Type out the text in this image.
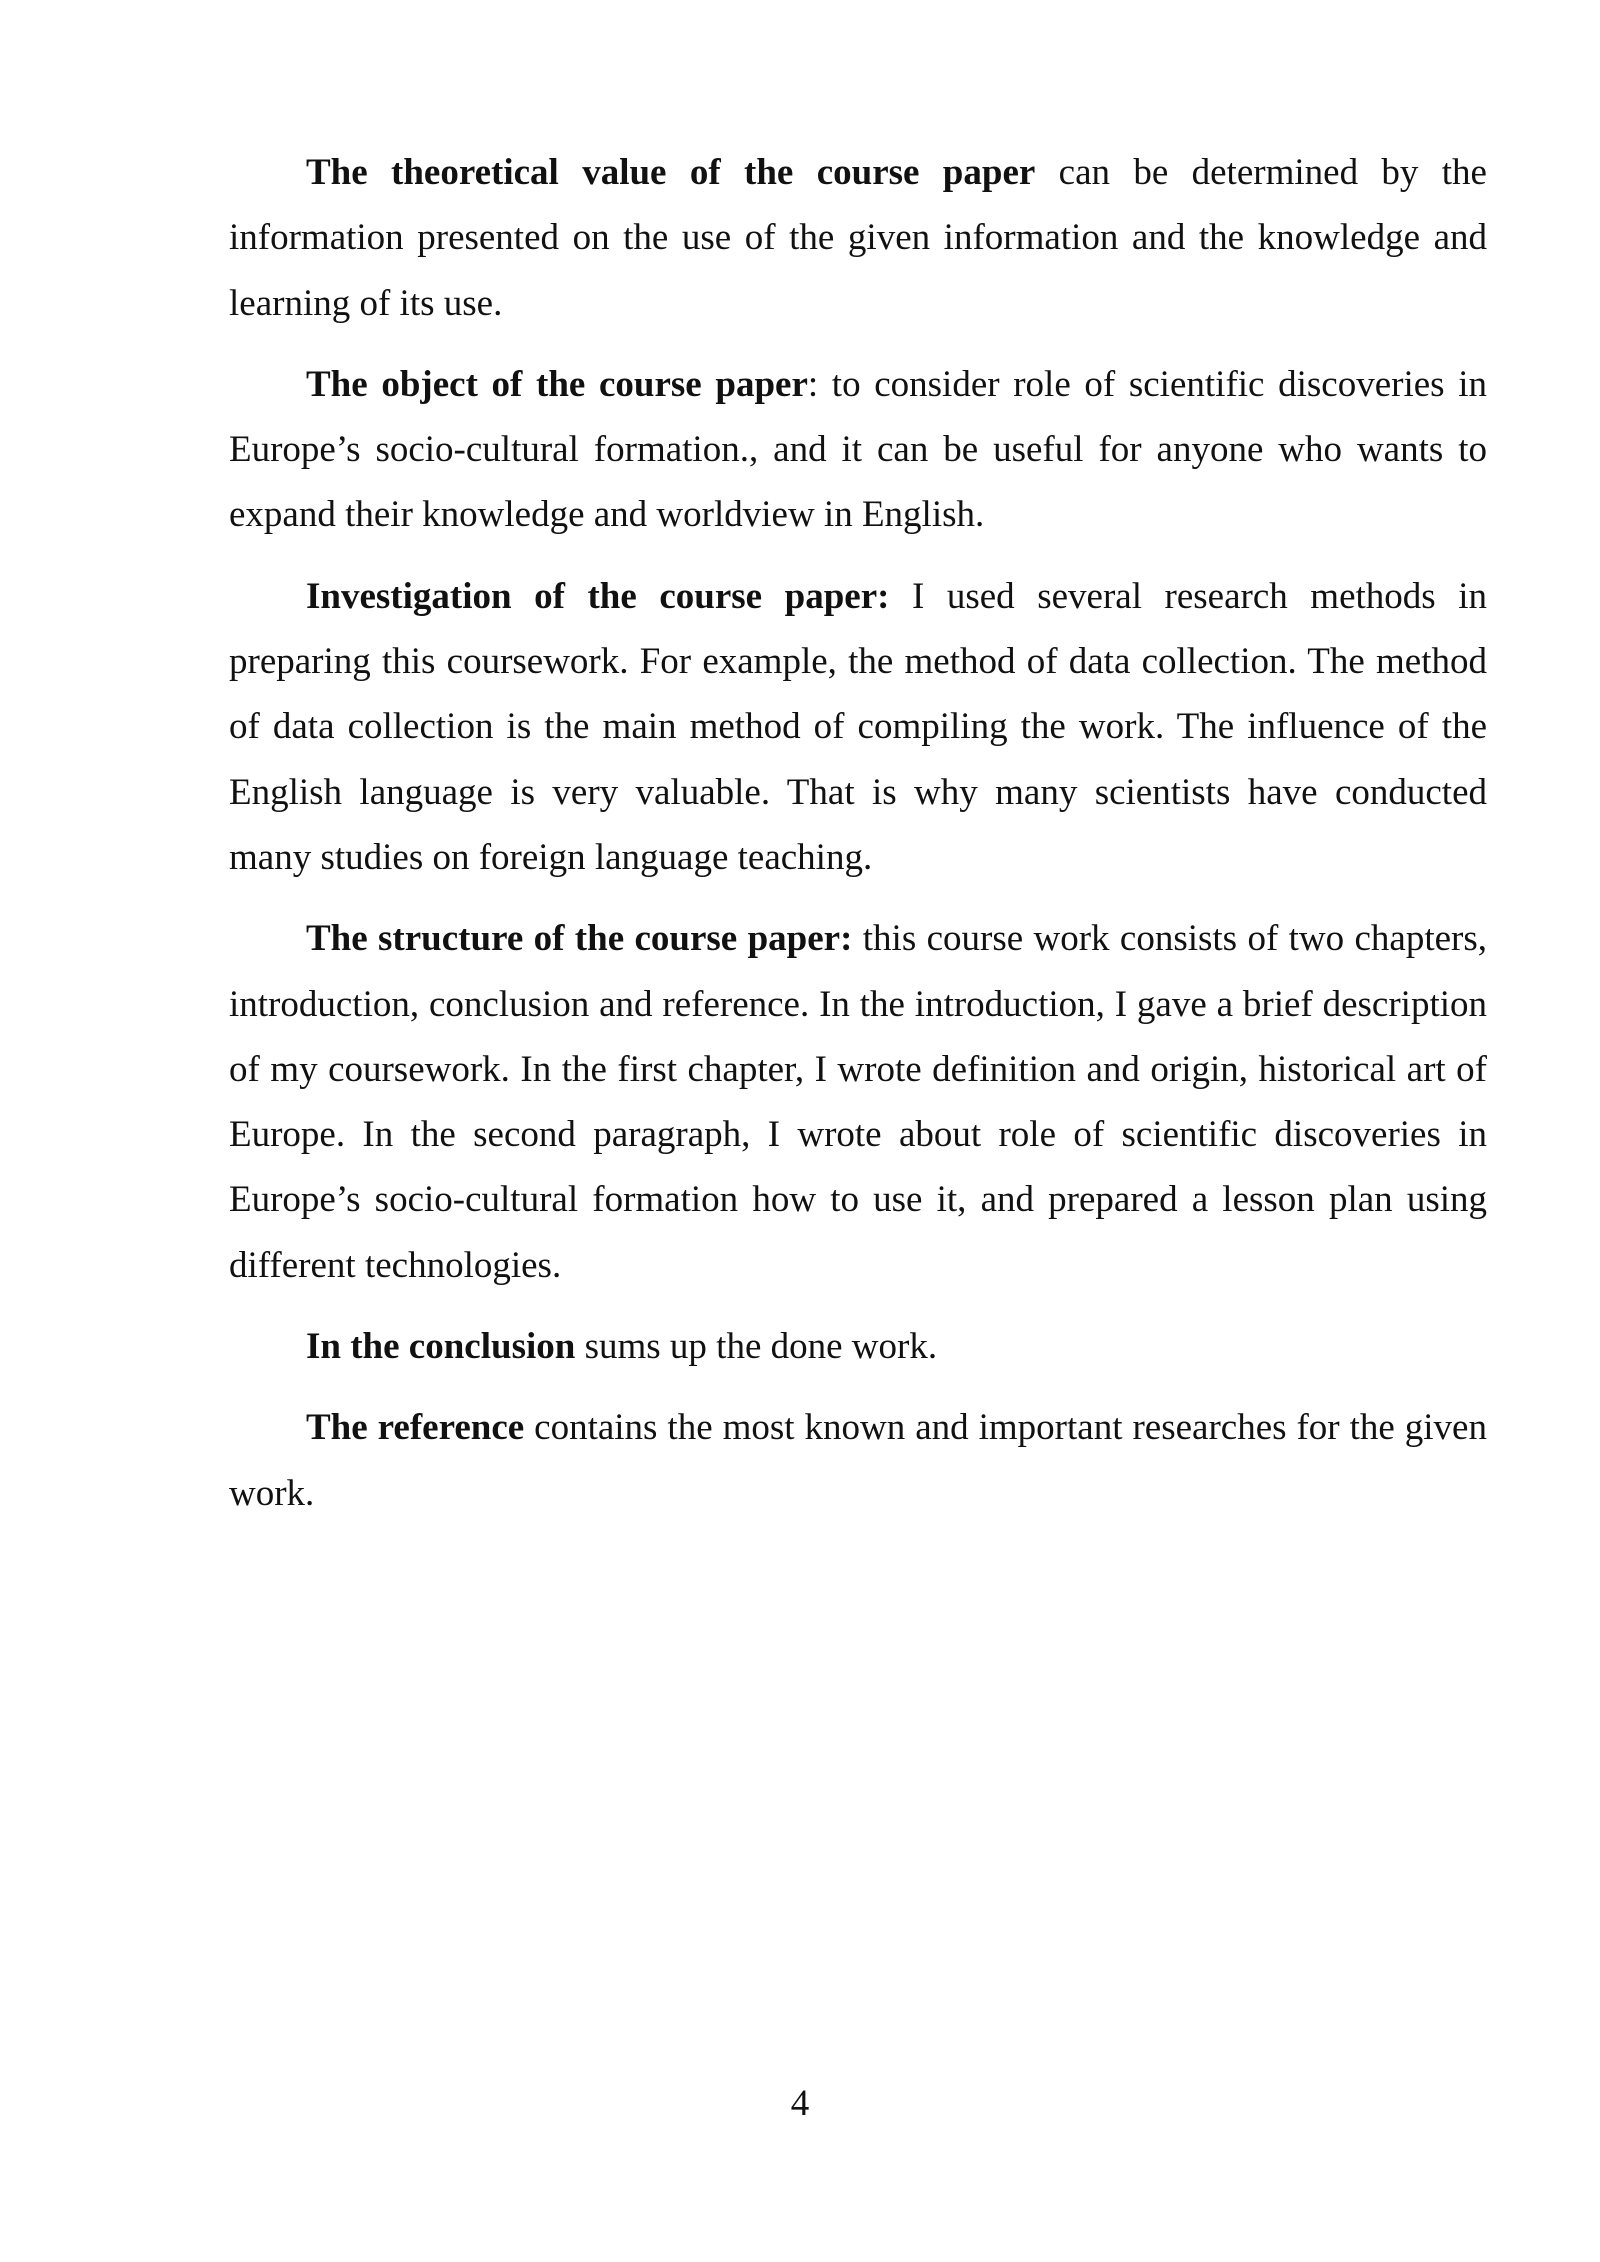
The theoretical value of the course paper can be determined by the information presented on the use of the given information and the knowledge and learning of its use.

The object of the course paper: to consider role of scientific discoveries in Europe’s socio-cultural formation., and it can be useful for anyone who wants to expand their knowledge and worldview in English.

Investigation of the course paper: I used several research methods in preparing this coursework. For example, the method of data collection. The method of data collection is the main method of compiling the work. The influence of the English language is very valuable. That is why many scientists have conducted many studies on foreign language teaching.

The structure of the course paper: this course work consists of two chapters, introduction, conclusion and reference. In the introduction, I gave a brief description of my coursework. In the first chapter, I wrote definition and origin, historical art of Europe. In the second paragraph, I wrote about role of scientific discoveries in Europe’s socio-cultural formation how to use it, and prepared a lesson plan using different technologies.

In the conclusion sums up the done work.

The reference contains the most known and important researches for the given work.

4
